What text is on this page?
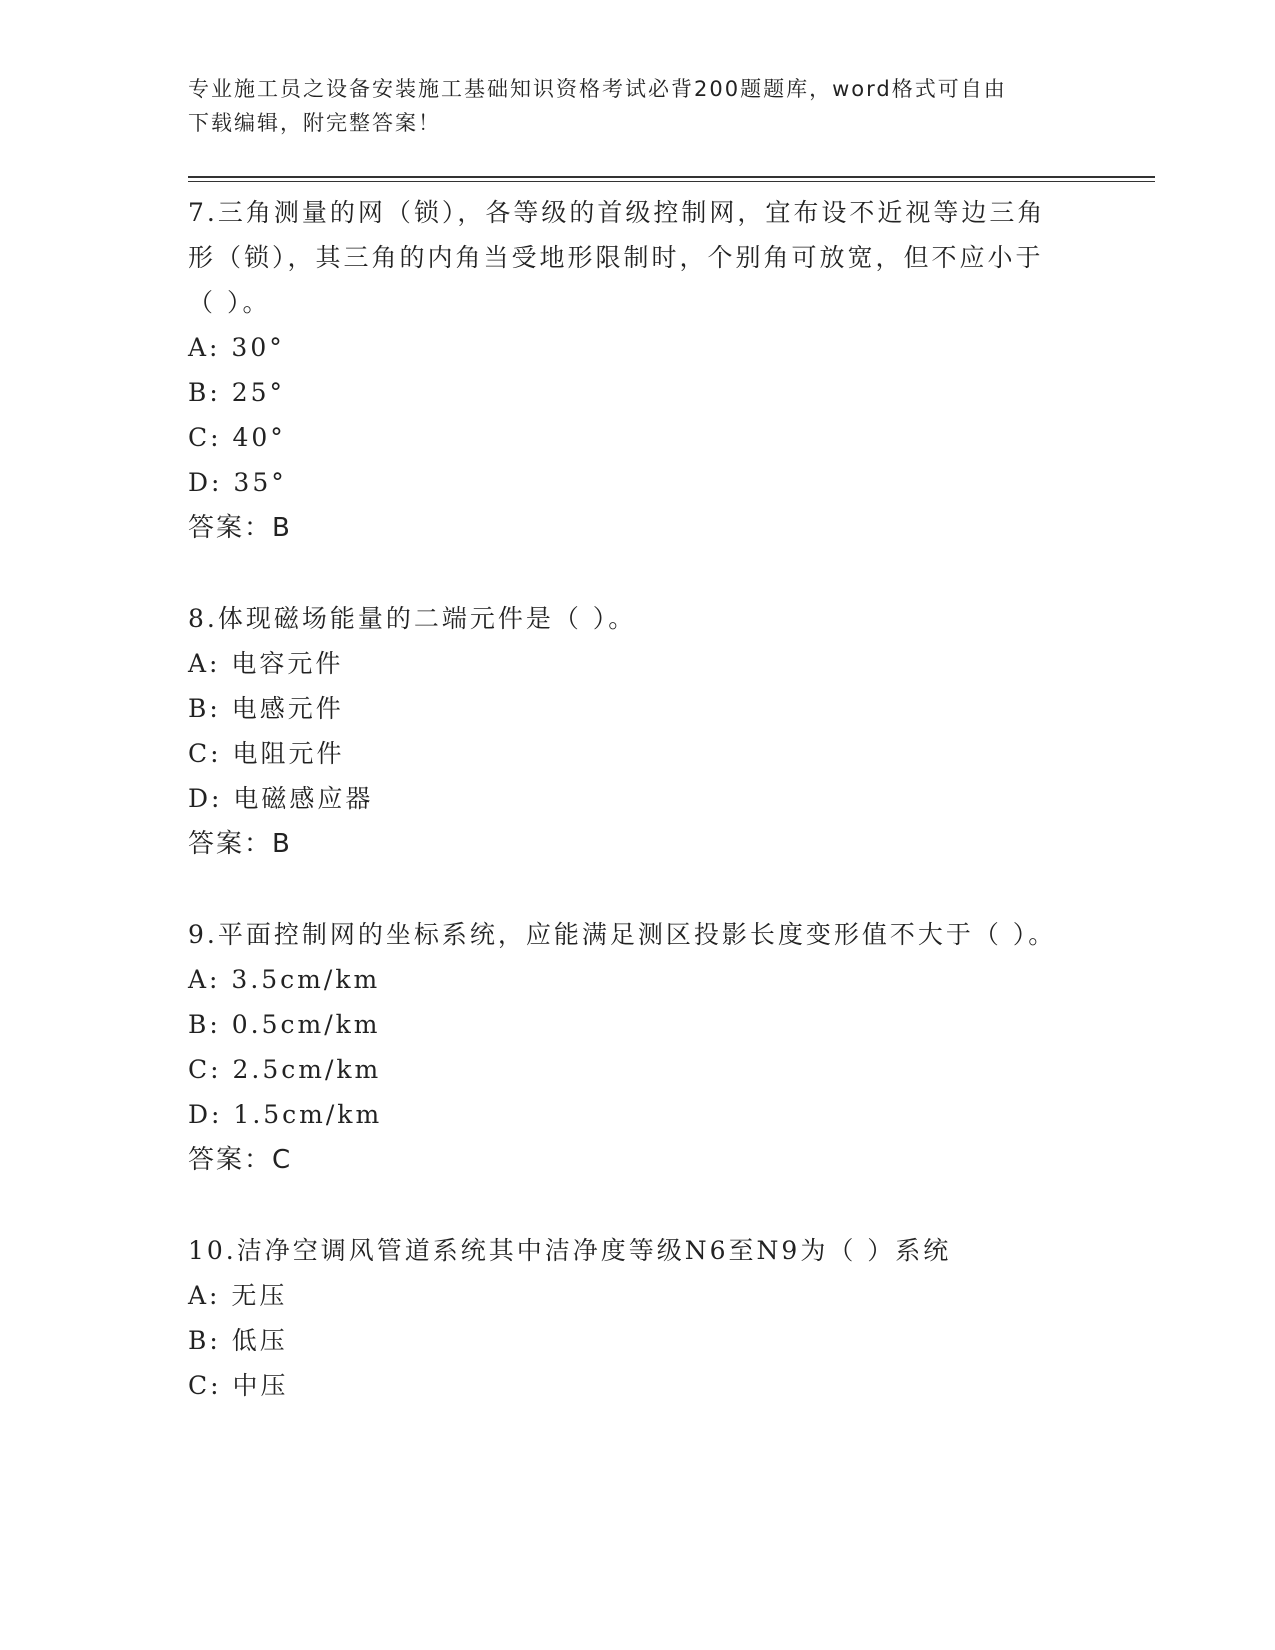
专业施工员之设备安装施工基础知识资格考试必背200题题库，word格式可自由
下载编辑，附完整答案！
7.三角测量的网（锁），各等级的首级控制网，宜布设不近视等边三角形（锁），其三角的内角当受地形限制时，个别角可放宽，但不应小于（ ）。
A: 30°
B: 25°
C: 40°
D: 35°
答案：B
8.体现磁场能量的二端元件是（ ）。
A: 电容元件
B: 电感元件
C: 电阻元件
D: 电磁感应器
答案：B
9.平面控制网的坐标系统，应能满足测区投影长度变形值不大于（ ）。
A: 3.5cm/km
B: 0.5cm/km
C: 2.5cm/km
D: 1.5cm/km
答案：C
10.洁净空调风管道系统其中洁净度等级N6至N9为（ ）系统
A: 无压
B: 低压
C: 中压
